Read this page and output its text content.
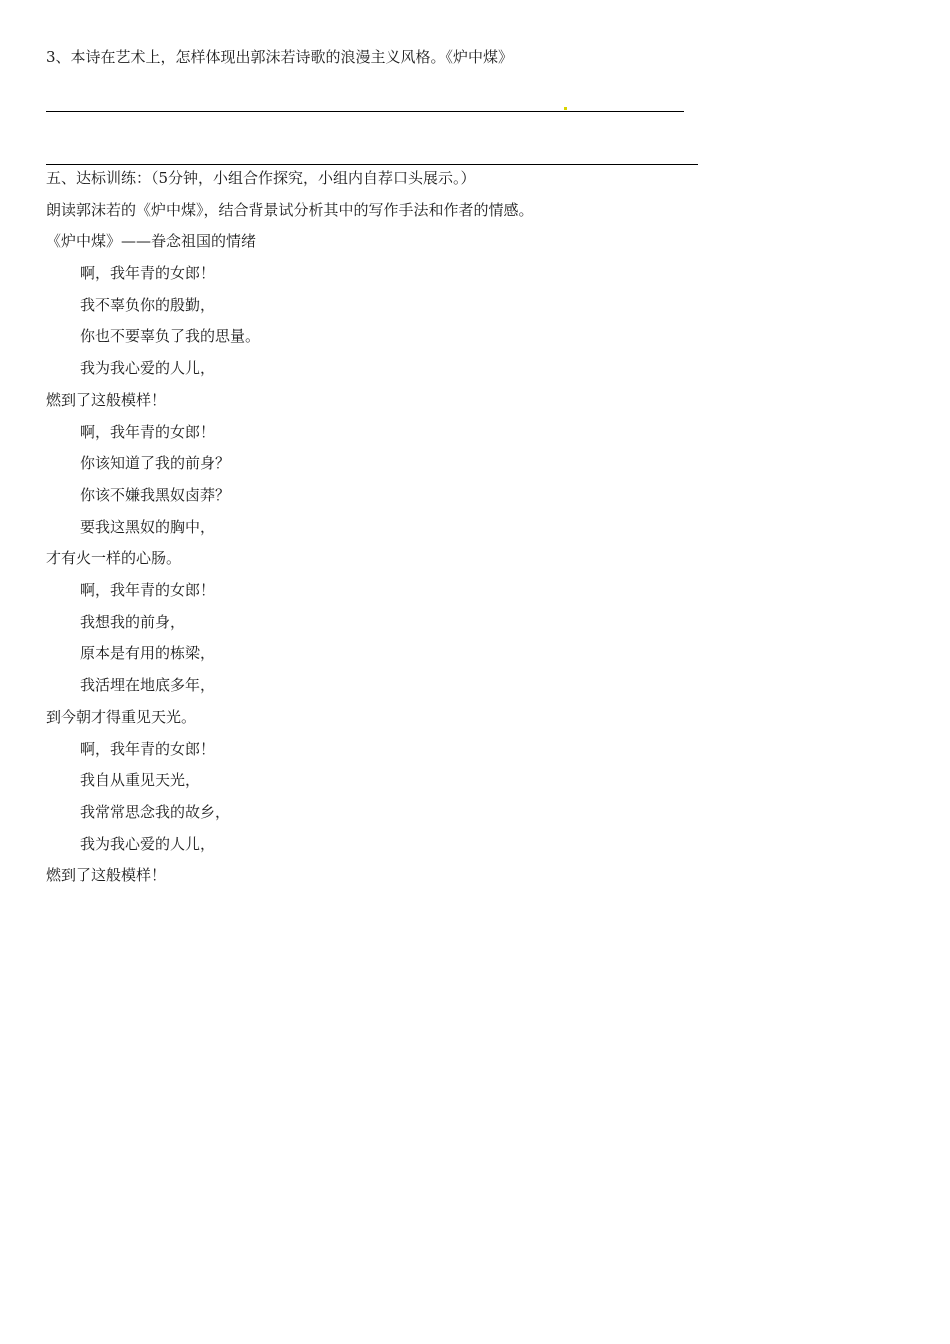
3、本诗在艺术上，怎样体现出郭沫若诗歌的浪漫主义风格。《炉中煤》
五、达标训练：（5分钟，小组合作探究，小组内自荐口头展示。）
朗读郭沫若的《炉中煤》，结合背景试分析其中的写作手法和作者的情感。
《炉中煤》——眷念祖国的情绪
啊，我年青的女郎！
我不辜负你的殷勤，
你也不要辜负了我的思量。
我为我心爱的人儿，
燃到了这般模样！
啊，我年青的女郎！
你该知道了我的前身？
你该不嫌我黑奴卤莽？
要我这黑奴的胸中，
才有火一样的心肠。
啊，我年青的女郎！
我想我的前身，
原本是有用的栋梁，
我活埋在地底多年，
到今朝才得重见天光。
啊，我年青的女郎！
我自从重见天光，
我常常思念我的故乡，
我为我心爱的人儿，
燃到了这般模样！
